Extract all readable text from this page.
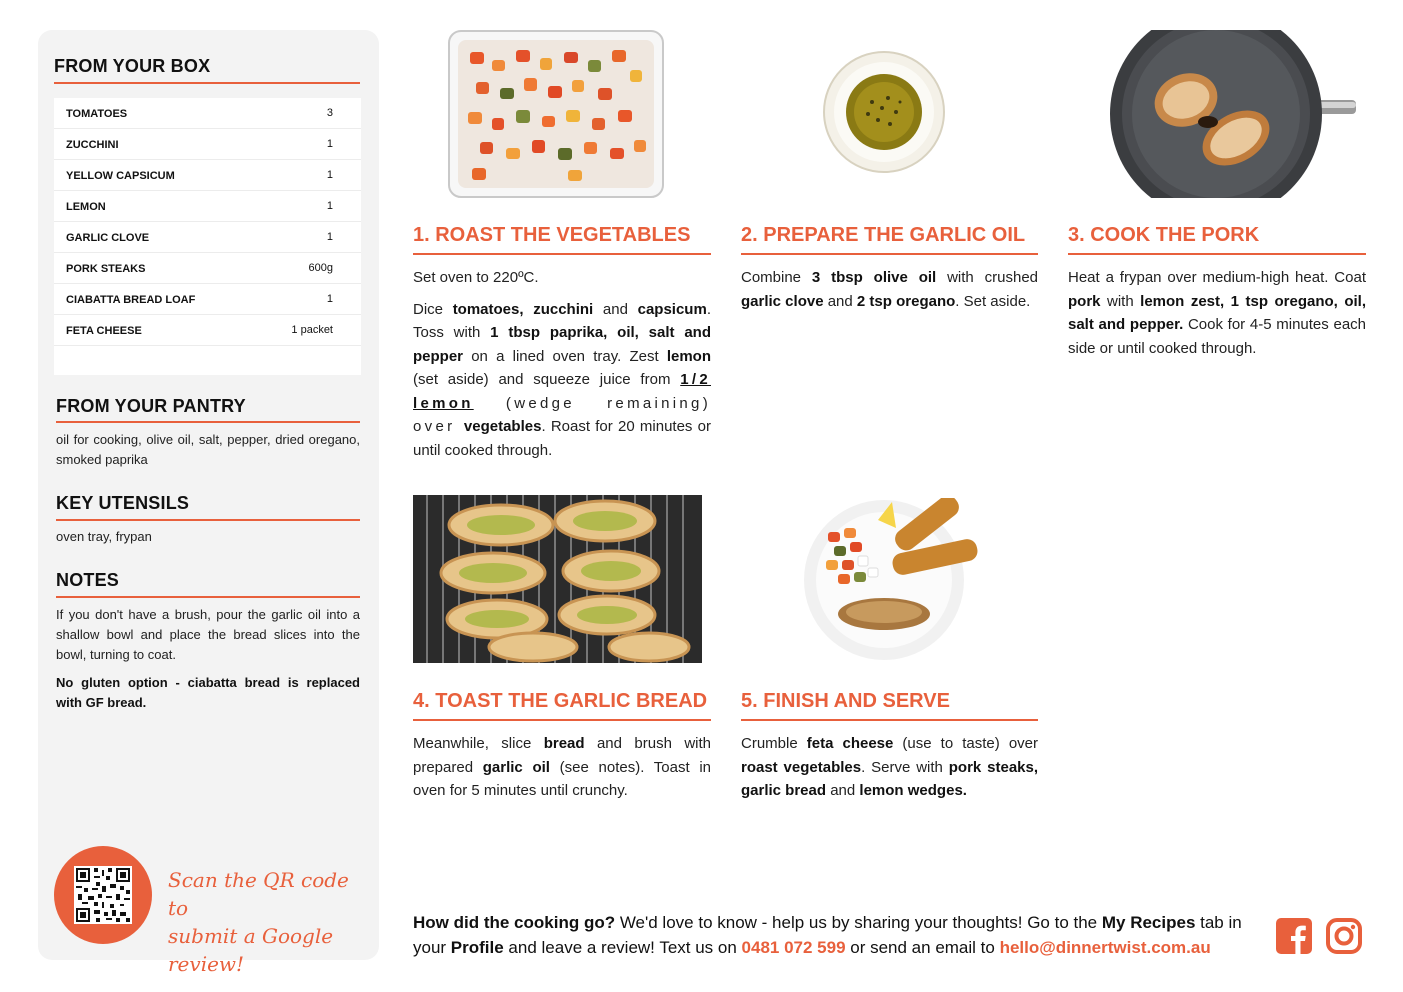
FROM YOUR BOX
TOMATOES	3
ZUCCHINI	1
YELLOW CAPSICUM	1
LEMON	1
GARLIC CLOVE	1
PORK STEAKS	600g
CIABATTA BREAD LOAF	1
FETA CHEESE	1 packet
FROM YOUR PANTRY
oil for cooking, olive oil, salt, pepper, dried oregano, smoked paprika
KEY UTENSILS
oven tray, frypan
NOTES
If you don't have a brush, pour the garlic oil into a shallow bowl and place the bread slices into the bowl, turning to coat.
No gluten option - ciabatta bread is replaced with GF bread.
Scan the QR code to
submit a Google review!
1. ROAST THE VEGETABLES

Set oven to 220ºC.

Dice tomatoes, zucchini and capsicum. Toss with 1 tbsp paprika, oil, salt and pepper on a lined oven tray. Zest lemon (set aside) and squeeze juice from 1/2 lemon (wedge remaining) over vegetables. Roast for 20 minutes or until cooked through.

2. PREPARE THE GARLIC OIL

Combine 3 tbsp olive oil with crushed garlic clove and 2 tsp oregano. Set aside.

3. COOK THE PORK

Heat a frypan over medium-high heat. Coat pork with lemon zest, 1 tsp oregano, oil, salt and pepper. Cook for 4-5 minutes each side or until cooked through.

4. TOAST THE GARLIC BREAD

Meanwhile, slice bread and brush with prepared garlic oil (see notes). Toast in oven for 5 minutes until crunchy.

5. FINISH AND SERVE

Crumble feta cheese (use to taste) over roast vegetables. Serve with pork steaks, garlic bread and lemon wedges.

How did the cooking go? We'd love to know - help us by sharing your thoughts! Go to the My Recipes tab in your Profile and leave a review! Text us on 0481 072 599 or send an email to hello@dinnertwist.com.au
